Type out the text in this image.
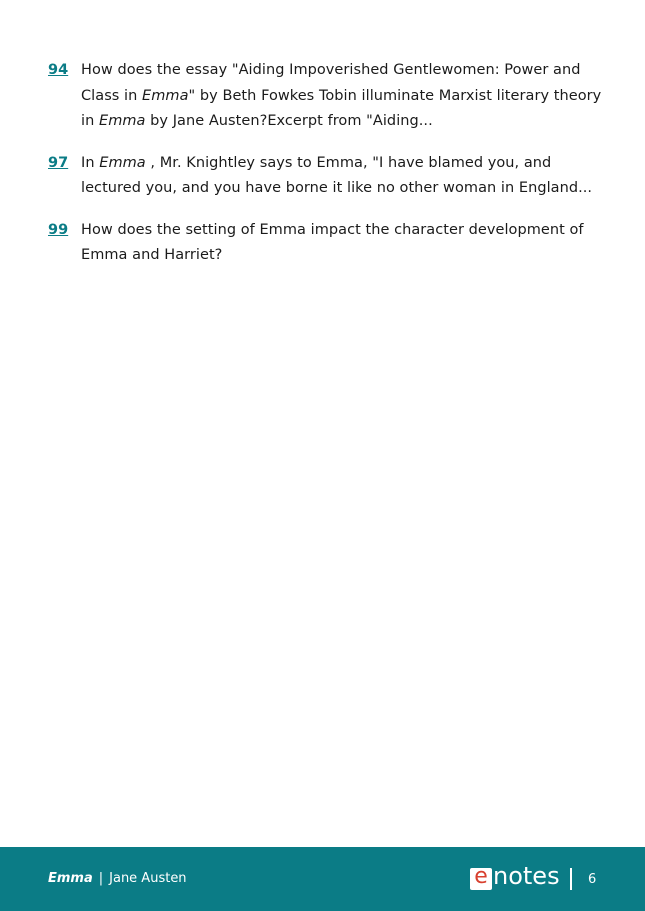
94 How does the essay "Aiding Impoverished Gentlewomen: Power and Class in Emma" by Beth Fowkes Tobin illuminate Marxist literary theory in Emma by Jane Austen?Excerpt from "Aiding...
97 In Emma , Mr. Knightley says to Emma, "I have blamed you, and lectured you, and you have borne it like no other woman in England...
99 How does the setting of Emma impact the character development of Emma and Harriet?
Emma | Jane Austen	e notes 6
